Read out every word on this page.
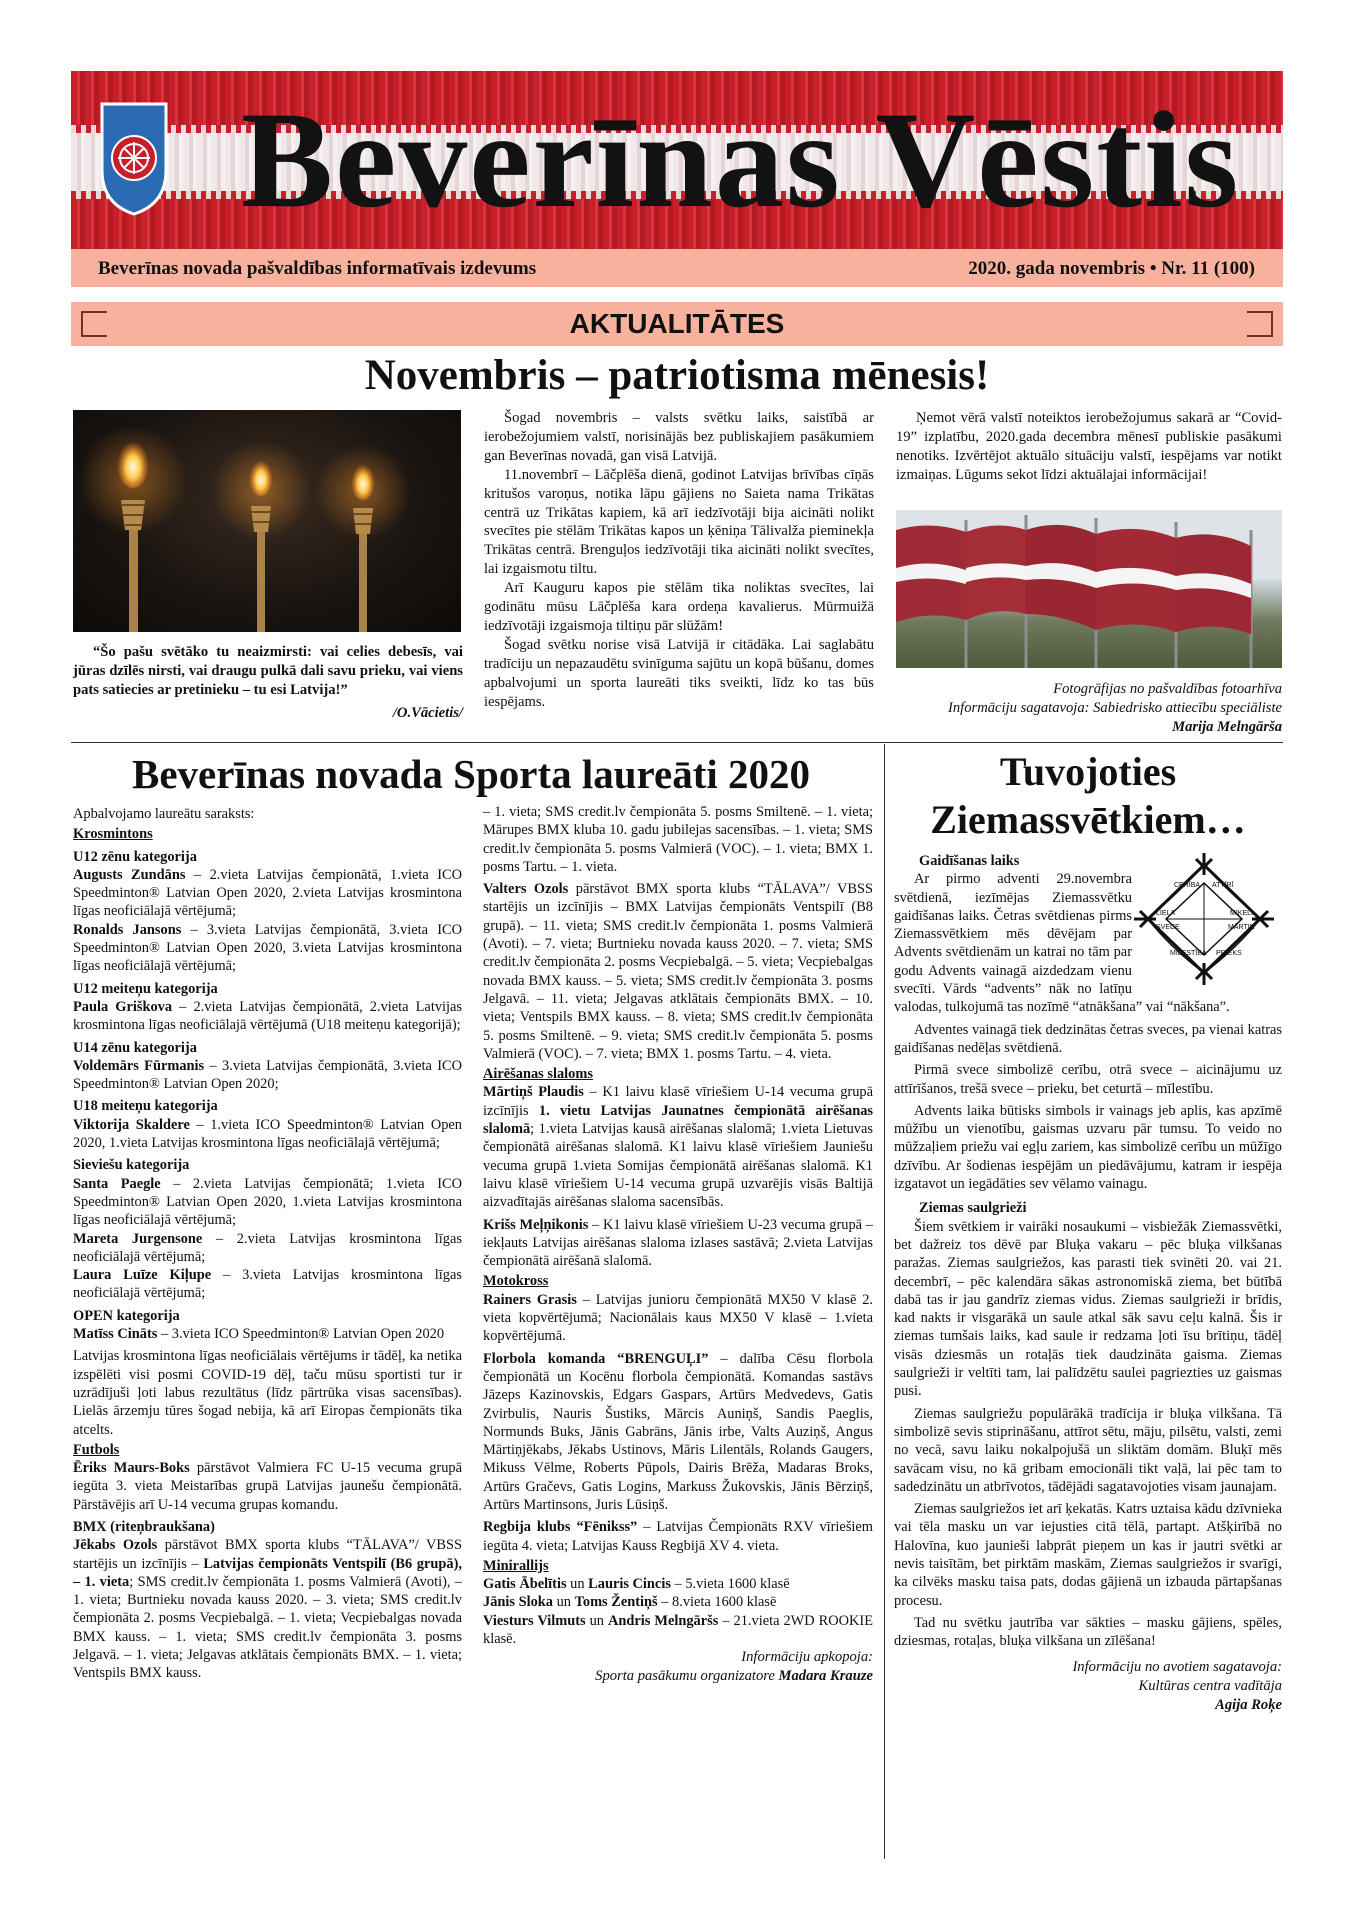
Beverīnas Vēstis
Beverīnas novada pašvaldības informatīvais izdevums	2020. gada novembris • Nr. 11 (100)
AKTUALITĀTES
Novembris – patriotisma mēnesis!
“Šo pašu svētāko tu neaizmirsti: vai celies debesīs, vai jūras dzīlēs nirsti, vai draugu pulkā dali savu prieku, vai viens pats satiecies ar pretinieku – tu esi Latvija!”
/O.Vācietis/

Šogad novembris – valsts svētku laiks, saistībā ar ierobežojumiem valstī, norisinājās bez publiskajiem pasākumiem gan Beverīnas novadā, gan visā Latvijā.

11.novembrī – Lāčplēša dienā, godinot Latvijas brīvības cīņās kritušos varoņus, notika lāpu gājiens no Saieta nama Trikātas centrā uz Trikātas kapiem, kā arī iedzīvotāji bija aicināti nolikt svecītes pie stēlām Trikātas kapos un ķēniņa Tālivalža pieminekļa Trikātas centrā. Brenguļos iedzīvotāji tika aicināti nolikt svecītes, lai izgaismotu tiltu.

Arī Kauguru kapos pie stēlām tika noliktas svecītes, lai godinātu mūsu Lāčplēša kara ordeņa kavalierus. Mūrmuižā iedzīvotāji izgaismoja tiltiņu pār slūžām!

Šogad svētku norise visā Latvijā ir citādāka. Lai saglabātu tradīciju un nepazaudētu svinīguma sajūtu un kopā būšanu, domes apbalvojumi un sporta laureāti tiks sveikti, līdz ko tas būs iespējams.

Ņemot vērā valstī noteiktos ierobežojumus sakarā ar “Covid-19” izplatību, 2020.gada decembra mēnesī publiskie pasākumi nenotiks. Izvērtējot aktuālo situāciju valstī, iespējams var notikt izmaiņas. Lūgums sekot līdzi aktuālajai informācijai!

Fotogrāfijas no pašvaldības fotoarhīva
Informāciju sagatavoja: Sabiedrisko attiecību speciāliste
Marija Melngārša
Beverīnas novada Sporta laureāti 2020	Tuvojoties Ziemassvētkiem…

Apbalvojamo laureātu saraksts:

Krosmintons

U12 zēnu kategorija

Augusts Zundāns – 2.vieta Latvijas čempionātā, 1.vieta ICO Speedminton® Latvian Open 2020, 2.vieta Latvijas krosmintona līgas neoficiālajā vērtējumā;

Ronalds Jansons – 3.vieta Latvijas čempionātā, 3.vieta ICO Speedminton® Latvian Open 2020, 3.vieta Latvijas krosmintona līgas neoficiālajā vērtējumā;

U12 meiteņu kategorija

Paula Griškova – 2.vieta Latvijas čempionātā, 2.vieta Latvijas krosmintona līgas neoficiālajā vērtējumā (U18 meiteņu kategorijā);

U14 zēnu kategorija

Voldemārs Fūrmanis – 3.vieta Latvijas čempionātā, 3.vieta ICO Speedminton® Latvian Open 2020;

U18 meiteņu kategorija

Viktorija Skaldere – 1.vieta ICO Speedminton® Latvian Open 2020, 1.vieta Latvijas krosmintona līgas neoficiālajā vērtējumā;

Sieviešu kategorija

Santa Paegle – 2.vieta Latvijas čempionātā; 1.vieta ICO Speedminton® Latvian Open 2020, 1.vieta Latvijas krosmintona līgas neoficiālajā vērtējumā;

Mareta Jurgensone – 2.vieta Latvijas krosmintona līgas neoficiālajā vērtējumā;

Laura Luīze Kiļupe – 3.vieta Latvijas krosmintona līgas neoficiālajā vērtējumā;

OPEN kategorija

Matīss Cināts – 3.vieta ICO Speedminton® Latvian Open 2020

Latvijas krosmintona līgas neoficiālais vērtējums ir tādēļ, ka netika izspēlēti visi posmi COVID-19 dēļ, taču mūsu sportisti tur ir uzrādījuši ļoti labus rezultātus (līdz pārtrūka visas sacensības). Lielās ārzemju tūres šogad nebija, kā arī Eiropas čempionāts tika atcelts.

Futbols

Ēriks Maurs-Boks pārstāvot Valmiera FC U-15 vecuma grupā iegūta 3. vieta Meistarības grupā Latvijas jaunešu čempionātā. Pārstāvējis arī U-14 vecuma grupas komandu.

BMX (riteņbraukšana)

Jēkabs Ozols pārstāvot BMX sporta klubs “TĀLAVA”/ VBSS startējis un izcīnījis – Latvijas čempionāts Ventspilī (B6 grupā), – 1. vieta; SMS credit.lv čempionāta 1. posms Valmierā (Avoti), – 1. vieta; Burtnieku novada kauss 2020. – 3. vieta; SMS credit.lv čempionāta 2. posms Vecpiebalgā. – 1. vieta; Vecpiebalgas novada BMX kauss. – 1. vieta; SMS credit.lv čempionāta 3. posms Jelgavā. – 1. vieta; Jelgavas atklātais čempionāts BMX. – 1. vieta; Ventspils BMX kauss.

– 1. vieta; SMS credit.lv čempionāta 5. posms Smiltenē. – 1. vieta; Mārupes BMX kluba 10. gadu jubilejas sacensības. – 1. vieta; SMS credit.lv čempionāta 5. posms Valmierā (VOC). – 1. vieta; BMX 1. posms Tartu. – 1. vieta.

Valters Ozols pārstāvot BMX sporta klubs “TĀLAVA”/ VBSS startējis un izcīnījis – BMX Latvijas čempionāts Ventspilī (B8 grupā). – 11. vieta; SMS credit.lv čempionāta 1. posms Valmierā (Avoti). – 7. vieta; Burtnieku novada kauss 2020. – 7. vieta; SMS credit.lv čempionāta 2. posms Vecpiebalgā. – 5. vieta; Vecpiebalgas novada BMX kauss. – 5. vieta; SMS credit.lv čempionāta 3. posms Jelgavā. – 11. vieta; Jelgavas atklātais čempionāts BMX. – 10. vieta; Ventspils BMX kauss. – 8. vieta; SMS credit.lv čempionāta 5. posms Smiltenē. – 9. vieta; SMS credit.lv čempionāta 5. posms Valmierā (VOC). – 7. vieta; BMX 1. posms Tartu. – 4. vieta.

Airēšanas slaloms

Mārtiņš Plaudis – K1 laivu klasē vīriešiem U-14 vecuma grupā izcīnījis 1. vietu Latvijas Jaunatnes čempionātā airēšanas slalomā; 1.vieta Latvijas kausā airēšanas slalomā; 1.vieta Lietuvas čempionātā airēšanas slalomā. K1 laivu klasē vīriešiem Jauniešu vecuma grupā 1.vieta Somijas čempionātā airēšanas slalomā. K1 laivu klasē vīriešiem U-14 vecuma grupā uzvarējis visās Baltijā aizvadītajās airēšanas slaloma sacensībās.

Krišs Meļņikonis – K1 laivu klasē vīriešiem U-23 vecuma grupā – iekļauts Latvijas airēšanas slaloma izlases sastāvā; 2.vieta Latvijas čempionātā airēšanā slalomā.

Motokross

Rainers Grasis – Latvijas junioru čempionātā MX50 V klasē 2. vieta kopvērtējumā; Nacionālais kaus MX50 V klasē – 1.vieta kopvērtējumā.

Florbola komanda “BRENGUĻI” – dalība Cēsu florbola čempionātā un Kocēnu florbola čempionātā. Komandas sastāvs Jāzeps Kazinovskis, Edgars Gaspars, Artūrs Medvedevs, Gatis Zvirbulis, Nauris Šustiks, Mārcis Auniņš, Sandis Paeglis, Normunds Buks, Jānis Gabrāns, Jānis irbe, Valts Auziņš, Angus Mārtiņjēkabs, Jēkabs Ustinovs, Māris Lilentāls, Rolands Gaugers, Mikuss Vēlme, Roberts Pūpols, Dairis Brēža, Madaras Broks, Artūrs Gračevs, Gatis Logins, Markuss Žukovskis, Jānis Bērziņš, Artūrs Martinsons, Juris Lūsiņš.

Regbija klubs “Fēnikss” – Latvijas Čempionāts RXV vīriešiem iegūta 4. vieta; Latvijas Kauss Regbijā XV 4. vieta.

Minirallijs

Gatis Ābelītis un Lauris Cincis – 5.vieta 1600 klasē

Jānis Sloka un Toms Žentiņš – 8.vieta 1600 klasē

Viesturs Vilmuts un Andris Melngāršs – 21.vieta 2WD ROOKIE klasē.

Informāciju apkopoja:

Sporta pasākumu organizatore Madara Krauze

CERĪBA ATTĪRĪ
LIELA
SVECE
MĪLESTĪBA PRIEKS
MIKELI
MĀRTIŅ

Gaidīšanas laiks

Ar pirmo adventi 29.novembra svētdienā, iezīmējas Ziemassvētku gaidīšanas laiks. Četras svētdienas pirms Ziemassvētkiem mēs dēvējam par Advents svētdienām un katrai no tām par godu Advents vainagā aizdedzam vienu svecīti. Vārds “advents” nāk no latīņu valodas, tulkojumā tas nozīmē “atnākšana” vai “nākšana”.

Adventes vainagā tiek dedzinātas četras sveces, pa vienai katras gaidīšanas nedēļas svētdienā.

Pirmā svece simbolizē cerību, otrā svece – aicinājumu uz attīrīšanos, trešā svece – prieku, bet ceturtā – mīlestību.

Advents laika būtisks simbols ir vainags jeb aplis, kas apzīmē mūžību un vienotību, gaismas uzvaru pār tumsu. To veido no mūžzaļiem priežu vai egļu zariem, kas simbolizē cerību un mūžīgo dzīvību. Ar šodienas iespējām un piedāvājumu, katram ir iespēja izgatavot un iegādāties sev vēlamo vainagu.

Ziemas saulgrieži

Šiem svētkiem ir vairāki nosaukumi – visbiežāk Ziemassvētki, bet dažreiz tos dēvē par Bluķa vakaru – pēc bluķa vilkšanas paražas. Ziemas saulgriežos, kas parasti tiek svinēti 20. vai 21. decembrī, – pēc kalendāra sākas astronomiskā ziema, bet būtībā dabā tas ir jau gandrīz ziemas vidus. Ziemas saulgrieži ir brīdis, kad nakts ir visgarākā un saule atkal sāk savu ceļu kalnā. Šis ir ziemas tumšais laiks, kad saule ir redzama ļoti īsu brītiņu, tādēļ visās dziesmās un rotaļās tiek daudzināta gaisma. Ziemas saulgrieži ir veltīti tam, lai palīdzētu saulei pagriezties uz gaismas pusi.

Ziemas saulgriežu populārākā tradīcija ir bluķa vilkšana. Tā simbolizē sevis stiprināšanu, attīrot sētu, māju, pilsētu, valsti, zemi no vecā, savu laiku nokalpojušā un sliktām domām. Bluķī mēs savācam visu, no kā gribam emocionāli tikt vaļā, lai pēc tam to sadedzinātu un atbrīvotos, tādējādi sagatavojoties visam jaunajam.

Ziemas saulgriežos iet arī ķekatās. Katrs uztaisa kādu dzīvnieka vai tēla masku un var iejusties citā tēlā, partapt. Atšķirībā no Halovīna, kuo jaunieši labprāt pieņem un kas ir jautri svētki ar nevis taisītām, bet pirktām maskām, Ziemas saulgriežos ir svarīgi, ka cilvēks masku taisa pats, dodas gājienā un izbauda pārtapšanas procesu.

Tad nu svētku jautrība var sākties – masku gājiens, spēles, dziesmas, rotaļas, bluķa vilkšana un zīlēšana!

Informāciju no avotiem sagatavoja:

Kultūras centra vadītāja

Agija Roķe
